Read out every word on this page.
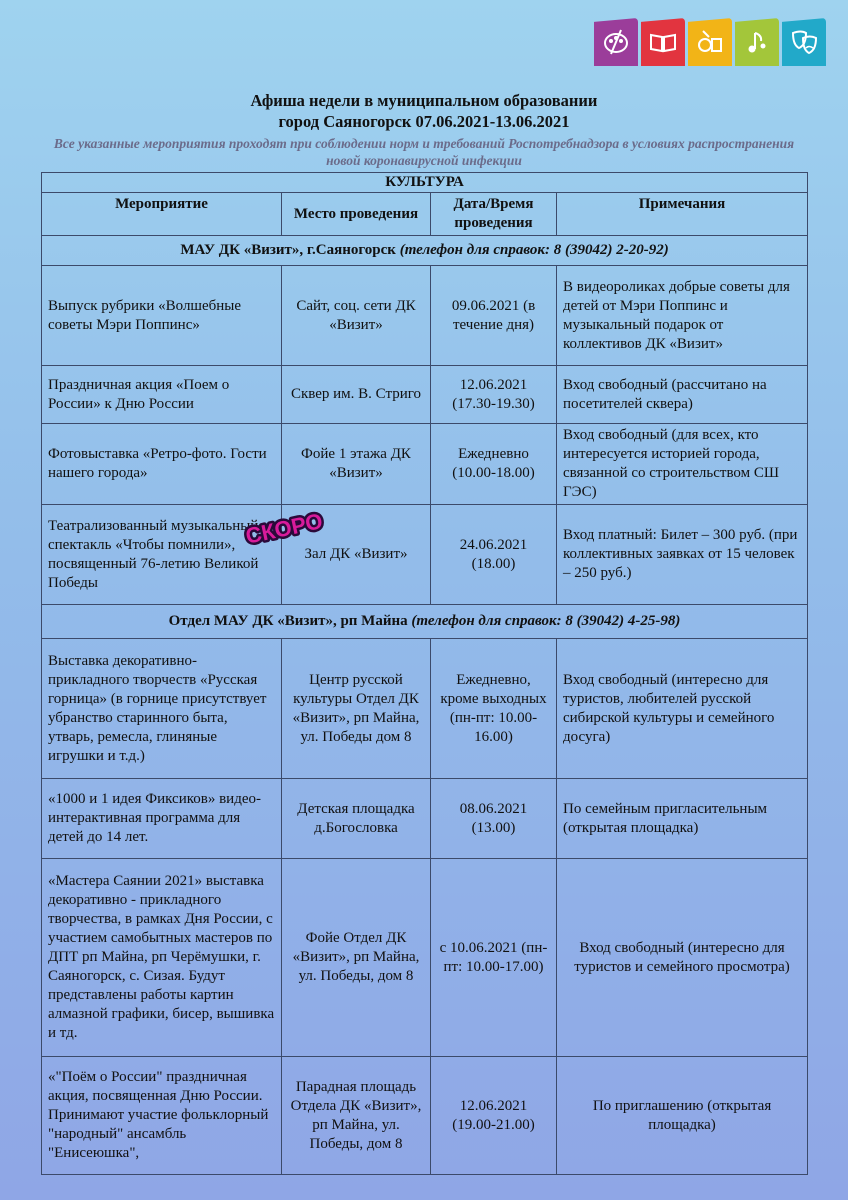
Афиша недели в муниципальном образовании
город Саяногорск 07.06.2021-13.06.2021
Все указанные мероприятия проходят при соблюдении норм и требований Роспотребнадзора в условиях распространения новой коронавирусной инфекции
КУЛЬТУРА			
Мероприятие	Место проведения	Дата/Время проведения	Примечания
МАУ ДК «Визит», г.Саяногорск (телефон для справок: 8 (39042) 2-20-92)			
Выпуск рубрики «Волшебные советы Мэри Поппинс»	Сайт, соц. сети ДК «Визит»	09.06.2021 (в течение дня)	В видеороликах добрые советы для детей от Мэри Поппинс и музыкальный подарок от коллективов ДК «Визит»
Праздничная акция «Поем о России» к Дню России	Сквер им. В. Стриго	12.06.2021 (17.30-19.30)	Вход свободный (рассчитано на посетителей сквера)
Фотовыставка «Ретро-фото. Гости нашего города»	Фойе 1 этажа ДК «Визит»	Ежедневно (10.00-18.00)	Вход свободный (для всех, кто интересуется историей города, связанной со строительством СШ ГЭС)
Театрализованный музыкальный спектакль «Чтобы помнили», посвященный 76-летию Великой Победы	Зал ДК «Визит»	24.06.2021 (18.00)	Вход платный: Билет – 300 руб. (при коллективных заявках от 15 человек – 250 руб.)
Отдел МАУ ДК «Визит», рп Майна (телефон для справок: 8 (39042) 4-25-98)			
Выставка декоративно-прикладного творчеств «Русская горница» (в горнице присутствует убранство старинного быта, утварь, ремесла, глиняные игрушки и т.д.)	Центр русской культуры Отдел ДК «Визит», рп Майна, ул. Победы дом 8	Ежедневно, кроме выходных (пн-пт: 10.00-16.00)	Вход свободный (интересно для туристов, любителей русской сибирской культуры и семейного досуга)
«1000 и 1 идея Фиксиков» видео-интерактивная программа для детей до 14 лет.	Детская площадка д.Богословка	08.06.2021 (13.00)	По семейным пригласительным (открытая площадка)
«Мастера Саянии 2021» выставка декоративно - прикладного творчества, в рамках Дня России, с участием самобытных мастеров по ДПТ рп Майна, рп Черёмушки, г. Саяногорск, с. Сизая. Будут представлены работы картин алмазной графики, бисер, вышивка и тд.	Фойе Отдел ДК «Визит», рп Майна, ул. Победы, дом 8	с 10.06.2021 (пн-пт: 10.00-17.00)	Вход свободный (интересно для туристов и семейного просмотра)
«"Поём о России" праздничная акция, посвященная Дню России. Принимают участие фольклорный "народный" ансамбль "Енисеюшка",	Парадная площадь Отдела ДК «Визит», рп Майна, ул. Победы, дом 8	12.06.2021 (19.00-21.00)	По приглашению (открытая площадка)
СКОРО
